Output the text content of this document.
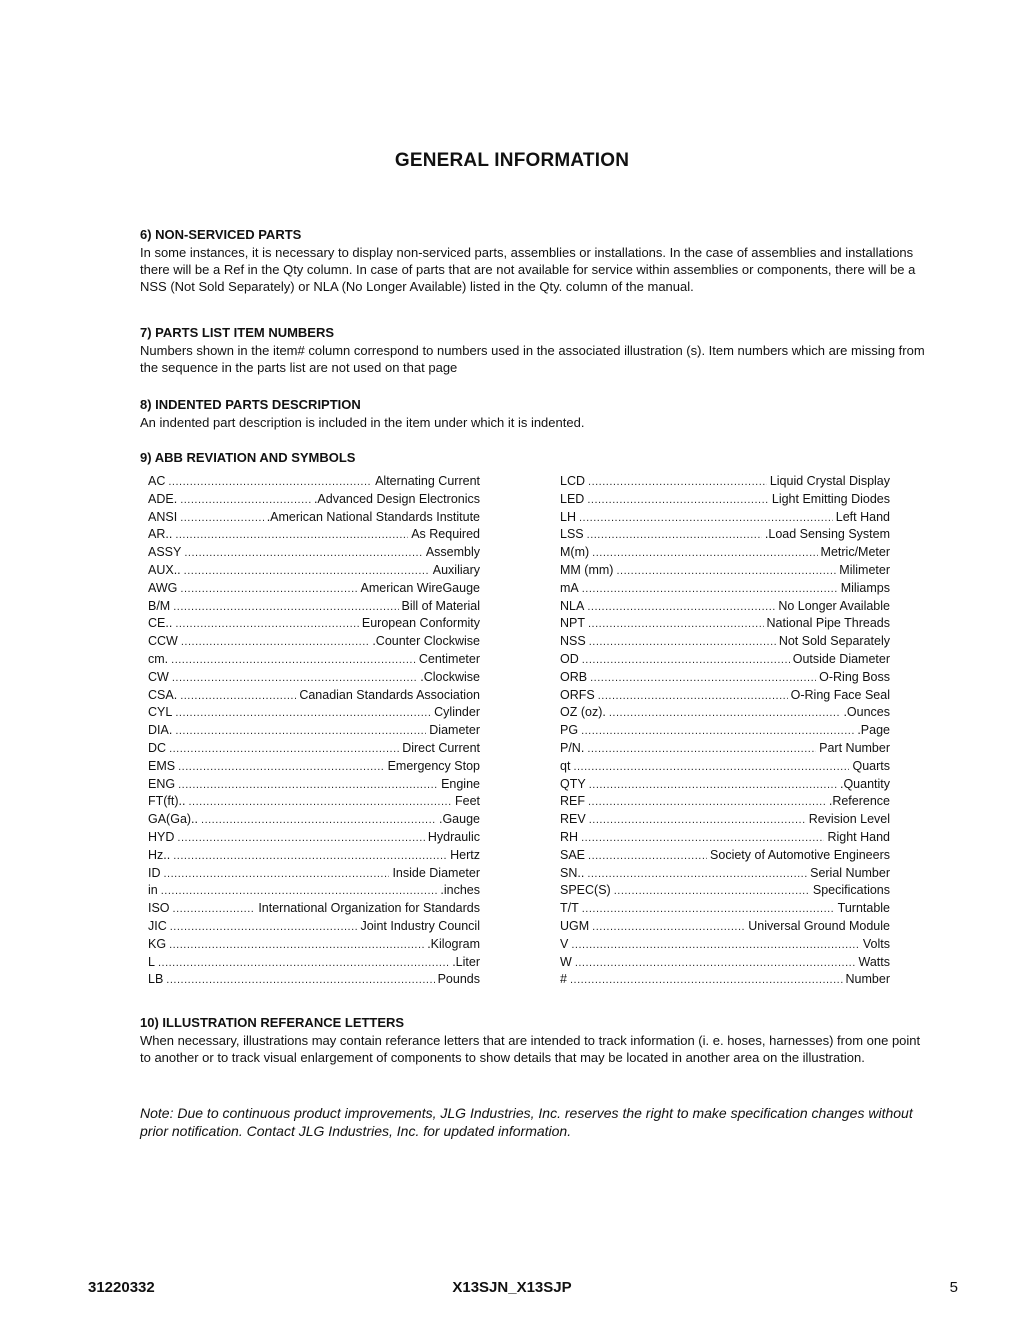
GENERAL INFORMATION
6) NON-SERVICED PARTS

In some instances, it is necessary to display non-serviced parts, assemblies or installations. In the case of assemblies and installations there will be a Ref in the Qty column. In case of parts that are not available for service within assemblies or components, there will be a NSS (Not Sold Separately) or NLA (No Longer Available) listed in the Qty. column of the manual.

7) PARTS LIST ITEM NUMBERS

Numbers shown in the item# column correspond to numbers used in the associated illustration (s). Item numbers which are missing from the sequence in the parts list are not used on that page

8) INDENTED PARTS DESCRIPTION

An indented part description is included in the item under which it is indented.

9) ABB REVIATION AND SYMBOLS
AC .....	Alternating Current
ADE. .....	.Advanced Design Electronics
ANSI .....	.American National Standards Institute
AR.. .....	As Required
ASSY .....	Assembly
AUX.. .....	Auxiliary
AWG .....	American WireGauge
B/M .....	Bill of Material
CE.. .....	European Conformity
CCW .....	.Counter Clockwise
cm. .....	Centimeter
CW .....	.Clockwise
CSA. .....	Canadian Standards Association
CYL .....	Cylinder
DIA. .....	Diameter
DC .....	Direct Current
EMS .....	Emergency Stop
ENG .....	Engine
FT(ft).. .....	Feet
GA(Ga).. .....	.Gauge
HYD .....	Hydraulic
Hz.. .....	Hertz
ID .....	Inside Diameter
in .....	.inches
ISO .....	International Organization for Standards
JIC .....	Joint Industry Council
KG .....	.Kilogram
L .....	.Liter
LB .....	Pounds
LCD .....	Liquid Crystal Display
LED .....	Light Emitting Diodes
LH .....	Left Hand
LSS .....	.Load Sensing System
M(m) .....	Metric/Meter
MM (mm) .....	Milimeter
mA .....	Miliamps
NLA .....	No Longer Available
NPT .....	National Pipe Threads
NSS .....	Not Sold Separately
OD .....	Outside Diameter
ORB .....	O-Ring Boss
ORFS .....	O-Ring Face Seal
OZ (oz). .....	.Ounces
PG .....	.Page
P/N. .....	Part Number
qt .....	Quarts
QTY .....	.Quantity
REF .....	.Reference
REV .....	Revision Level
RH .....	Right Hand
SAE .....	Society of Automotive Engineers
SN.. .....	Serial Number
SPEC(S) .....	Specifications
T/T .....	Turntable
UGM .....	Universal Ground Module
V .....	Volts
W .....	Watts
# .....	Number
10) ILLUSTRATION REFERANCE LETTERS

When necessary, illustrations may contain referance letters that are intended to track information (i. e. hoses, harnesses) from one point to another or to track visual enlargement of components to show details that may be located in another area on the illustration.

Note: Due to continuous product improvements, JLG Industries, Inc. reserves the right to make specification changes without prior notification. Contact JLG Industries, Inc. for updated information.

X13SJN_X13SJP
31220332	5
